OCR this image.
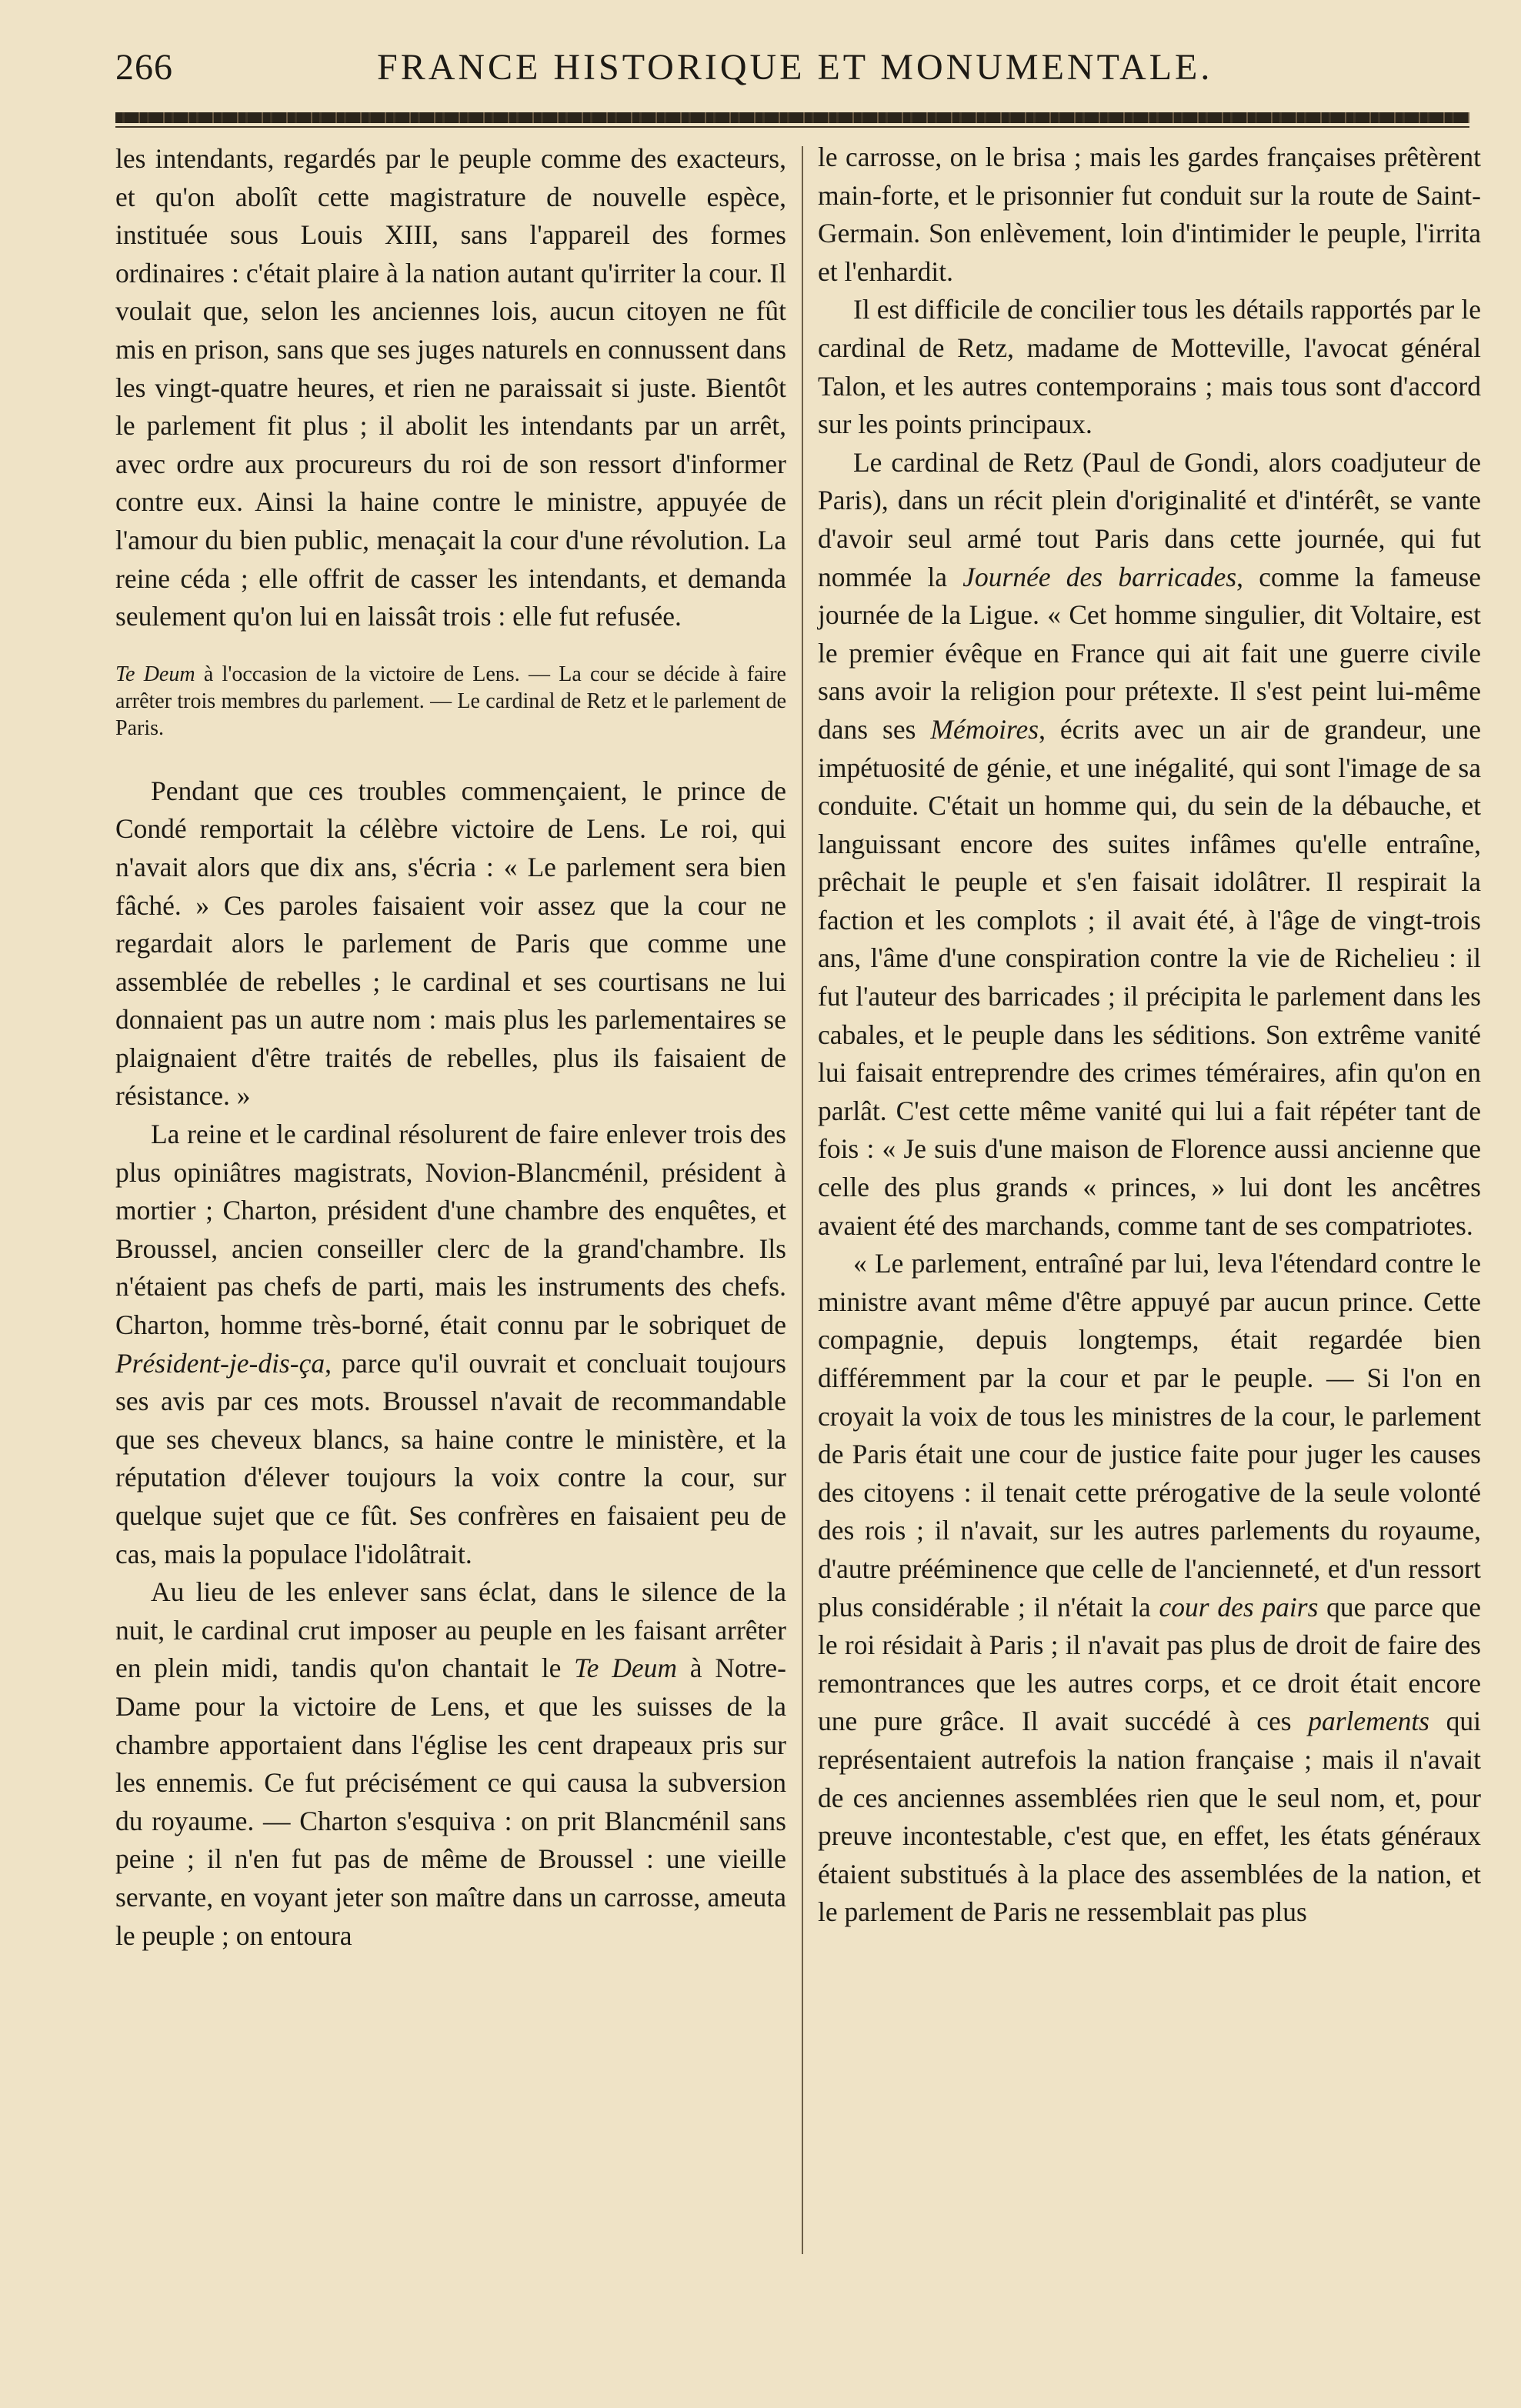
266	FRANCE HISTORIQUE ET MONUMENTALE.

les intendants, regardés par le peuple comme des exacteurs, et qu'on abolît cette magistrature de nouvelle espèce, instituée sous Louis XIII, sans l'appareil des formes ordinaires : c'était plaire à la nation autant qu'irriter la cour. Il voulait que, selon les anciennes lois, aucun citoyen ne fût mis en prison, sans que ses juges naturels en connussent dans les vingt-quatre heures, et rien ne paraissait si juste. Bientôt le parlement fit plus ; il abolit les intendants par un arrêt, avec ordre aux procureurs du roi de son ressort d'informer contre eux. Ainsi la haine contre le ministre, appuyée de l'amour du bien public, menaçait la cour d'une révolution. La reine céda ; elle offrit de casser les intendants, et demanda seulement qu'on lui en laissât trois : elle fut refusée.

Te Deum à l'occasion de la victoire de Lens. — La cour se décide à faire arrêter trois membres du parlement. — Le cardinal de Retz et le parlement de Paris.

Pendant que ces troubles commençaient, le prince de Condé remportait la célèbre victoire de Lens. Le roi, qui n'avait alors que dix ans, s'écria : « Le parlement sera bien fâché. » Ces paroles faisaient voir assez que la cour ne regardait alors le parlement de Paris que comme une assemblée de rebelles ; le cardinal et ses courtisans ne lui donnaient pas un autre nom : mais plus les parlementaires se plaignaient d'être traités de rebelles, plus ils faisaient de résistance. »

La reine et le cardinal résolurent de faire enlever trois des plus opiniâtres magistrats, Novion-Blancménil, président à mortier ; Charton, président d'une chambre des enquêtes, et Broussel, ancien conseiller clerc de la grand'chambre. Ils n'étaient pas chefs de parti, mais les instruments des chefs. Charton, homme très-borné, était connu par le sobriquet de Président-je-dis-ça, parce qu'il ouvrait et concluait toujours ses avis par ces mots. Broussel n'avait de recommandable que ses cheveux blancs, sa haine contre le ministère, et la réputation d'élever toujours la voix contre la cour, sur quelque sujet que ce fût. Ses confrères en faisaient peu de cas, mais la populace l'idolâtrait.

Au lieu de les enlever sans éclat, dans le silence de la nuit, le cardinal crut imposer au peuple en les faisant arrêter en plein midi, tandis qu'on chantait le Te Deum à Notre-Dame pour la victoire de Lens, et que les suisses de la chambre apportaient dans l'église les cent drapeaux pris sur les ennemis. Ce fut précisément ce qui causa la subversion du royaume. — Charton s'esquiva : on prit Blancménil sans peine ; il n'en fut pas de même de Broussel : une vieille servante, en voyant jeter son maître dans un carrosse, ameuta le peuple ; on entoura

le carrosse, on le brisa ; mais les gardes françaises prêtèrent main-forte, et le prisonnier fut conduit sur la route de Saint-Germain. Son enlèvement, loin d'intimider le peuple, l'irrita et l'enhardit.

Il est difficile de concilier tous les détails rapportés par le cardinal de Retz, madame de Motteville, l'avocat général Talon, et les autres contemporains ; mais tous sont d'accord sur les points principaux.

Le cardinal de Retz (Paul de Gondi, alors coadjuteur de Paris), dans un récit plein d'originalité et d'intérêt, se vante d'avoir seul armé tout Paris dans cette journée, qui fut nommée la Journée des barricades, comme la fameuse journée de la Ligue. « Cet homme singulier, dit Voltaire, est le premier évêque en France qui ait fait une guerre civile sans avoir la religion pour prétexte. Il s'est peint lui-même dans ses Mémoires, écrits avec un air de grandeur, une impétuosité de génie, et une inégalité, qui sont l'image de sa conduite. C'était un homme qui, du sein de la débauche, et languissant encore des suites infâmes qu'elle entraîne, prêchait le peuple et s'en faisait idolâtrer. Il respirait la faction et les complots ; il avait été, à l'âge de vingt-trois ans, l'âme d'une conspiration contre la vie de Richelieu : il fut l'auteur des barricades ; il précipita le parlement dans les cabales, et le peuple dans les séditions. Son extrême vanité lui faisait entreprendre des crimes téméraires, afin qu'on en parlât. C'est cette même vanité qui lui a fait répéter tant de fois : « Je suis d'une maison de Florence aussi ancienne que celle des plus grands « princes, » lui dont les ancêtres avaient été des marchands, comme tant de ses compatriotes.

« Le parlement, entraîné par lui, leva l'étendard contre le ministre avant même d'être appuyé par aucun prince. Cette compagnie, depuis longtemps, était regardée bien différemment par la cour et par le peuple. — Si l'on en croyait la voix de tous les ministres de la cour, le parlement de Paris était une cour de justice faite pour juger les causes des citoyens : il tenait cette prérogative de la seule volonté des rois ; il n'avait, sur les autres parlements du royaume, d'autre prééminence que celle de l'ancienneté, et d'un ressort plus considérable ; il n'était la cour des pairs que parce que le roi résidait à Paris ; il n'avait pas plus de droit de faire des remontrances que les autres corps, et ce droit était encore une pure grâce. Il avait succédé à ces parlements qui représentaient autrefois la nation française ; mais il n'avait de ces anciennes assemblées rien que le seul nom, et, pour preuve incontestable, c'est que, en effet, les états généraux étaient substitués à la place des assemblées de la nation, et le parlement de Paris ne ressemblait pas plus
